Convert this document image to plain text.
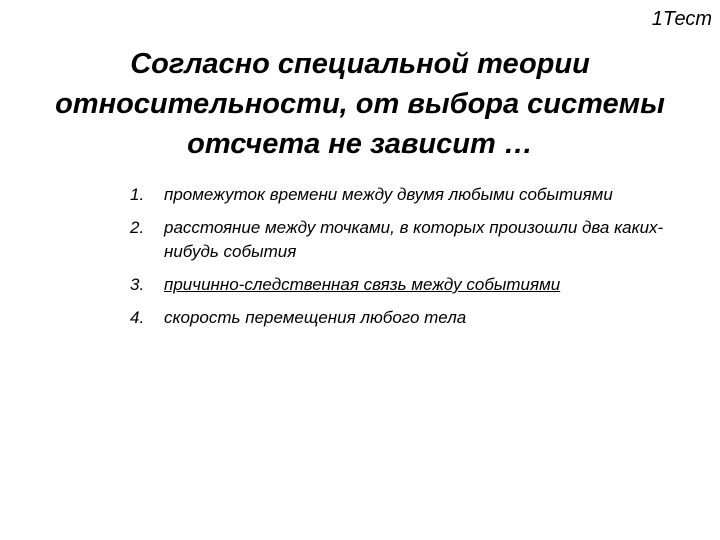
1Тест
Согласно специальной теории относительности, от выбора системы отсчета не зависит …
1.	промежуток времени между двумя любыми событиями
2.	расстояние между точками, в которых произошли два каких-нибудь события
3.	причинно-следственная связь между событиями
4.	скорость перемещения любого тела
